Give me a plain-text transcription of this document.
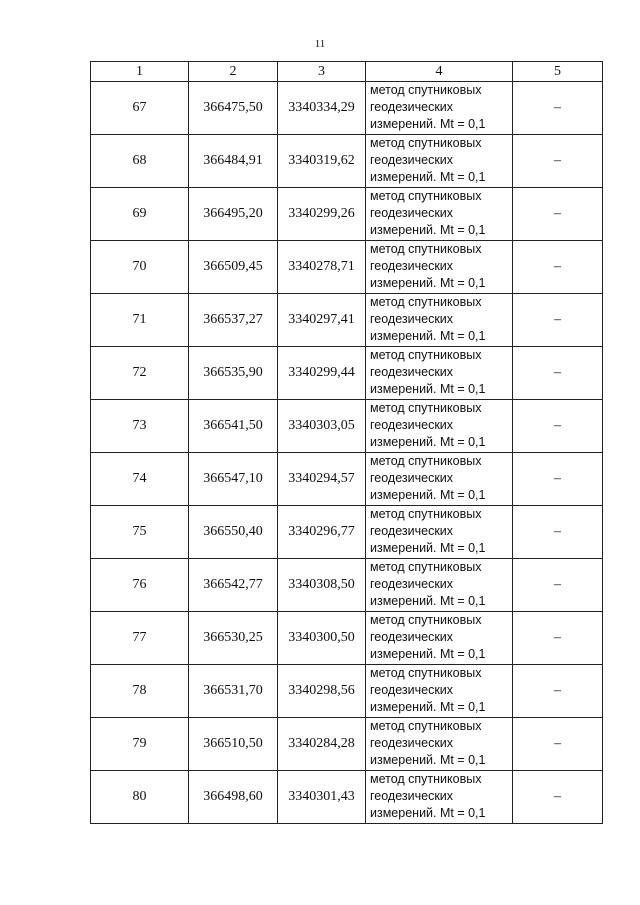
11
1	2	3	4	5
67	366475,50	3340334,29	метод спутниковых
геодезических
измерений. Mt = 0,1	–
68	366484,91	3340319,62	метод спутниковых
геодезических
измерений. Mt = 0,1	–
69	366495,20	3340299,26	метод спутниковых
геодезических
измерений. Mt = 0,1	–
70	366509,45	3340278,71	метод спутниковых
геодезических
измерений. Mt = 0,1	–
71	366537,27	3340297,41	метод спутниковых
геодезических
измерений. Mt = 0,1	–
72	366535,90	3340299,44	метод спутниковых
геодезических
измерений. Mt = 0,1	–
73	366541,50	3340303,05	метод спутниковых
геодезических
измерений. Mt = 0,1	–
74	366547,10	3340294,57	метод спутниковых
геодезических
измерений. Mt = 0,1	–
75	366550,40	3340296,77	метод спутниковых
геодезических
измерений. Mt = 0,1	–
76	366542,77	3340308,50	метод спутниковых
геодезических
измерений. Mt = 0,1	–
77	366530,25	3340300,50	метод спутниковых
геодезических
измерений. Mt = 0,1	–
78	366531,70	3340298,56	метод спутниковых
геодезических
измерений. Mt = 0,1	–
79	366510,50	3340284,28	метод спутниковых
геодезических
измерений. Mt = 0,1	–
80	366498,60	3340301,43	метод спутниковых
геодезических
измерений. Mt = 0,1	–
